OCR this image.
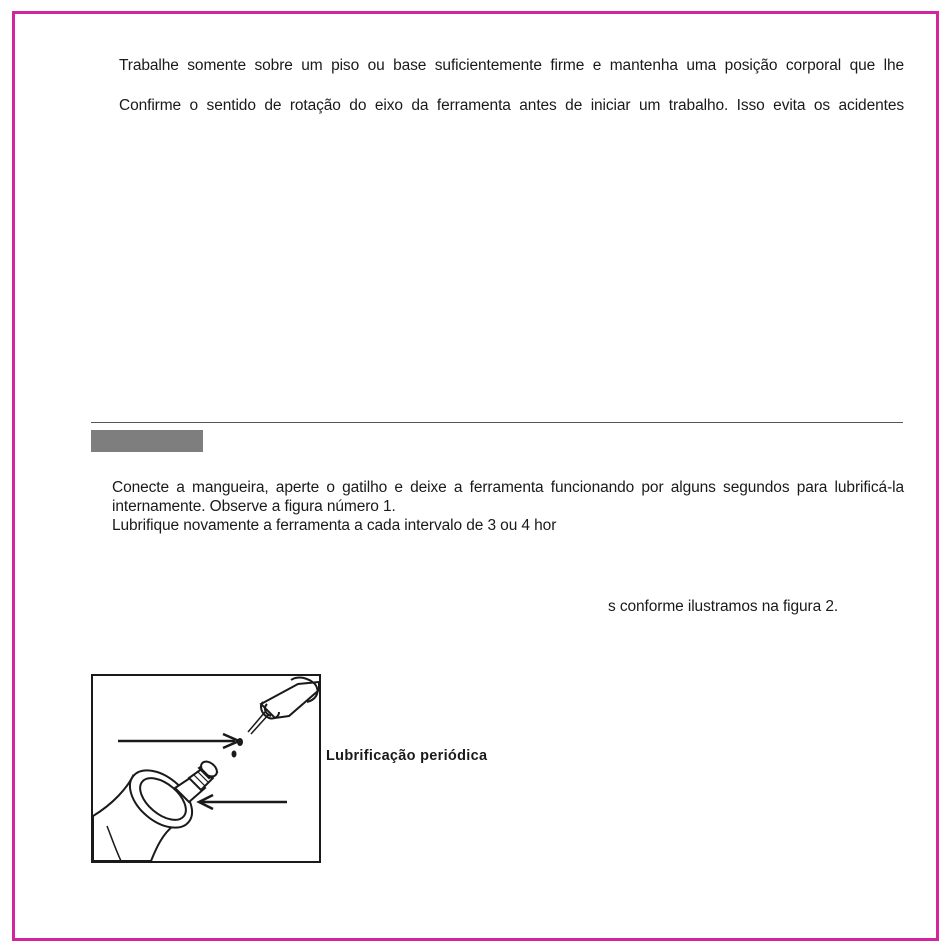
Trabalhe somente sobre um piso ou base suficientemente firme e mantenha uma posição corporal que lhe
Confirme o sentido de rotação do eixo da ferramenta antes de iniciar um trabalho. Isso evita os acidentes
Conecte a mangueira, aperte o gatilho e deixe a ferramenta funcionando por alguns segundos para lubrificá-la
internamente. Observe a figura número 1.
Lubrifique novamente a ferramenta a cada intervalo de 3 ou 4 hor
s conforme ilustramos na figura 2.
Lubrificação periódica
